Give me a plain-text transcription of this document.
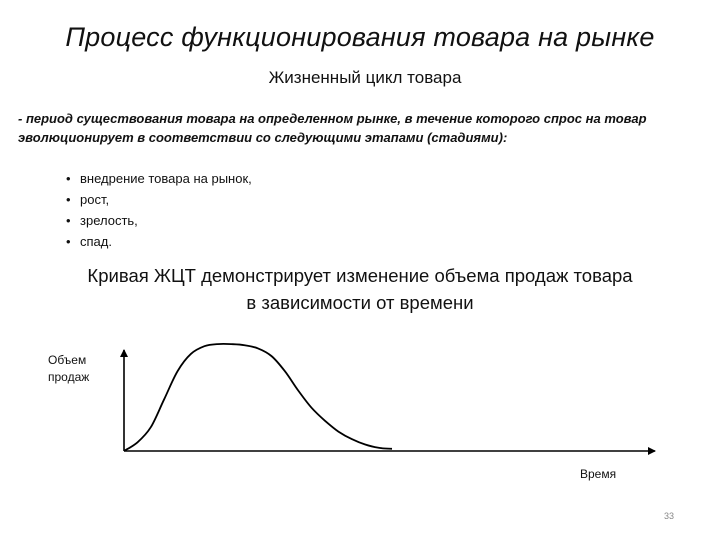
Процесс функционирования товара на рынке
Жизненный цикл товара
- период существования товара на определенном рынке, в течение которого спрос на товар эволюционирует в соответствии со следующими этапами (стадиями):
• внедрение товара на рынок,
• рост,
• зрелость,
• спад.
Кривая ЖЦТ демонстрирует изменение объема продаж товара
в зависимости от времени
Объем
продаж
Время
33
